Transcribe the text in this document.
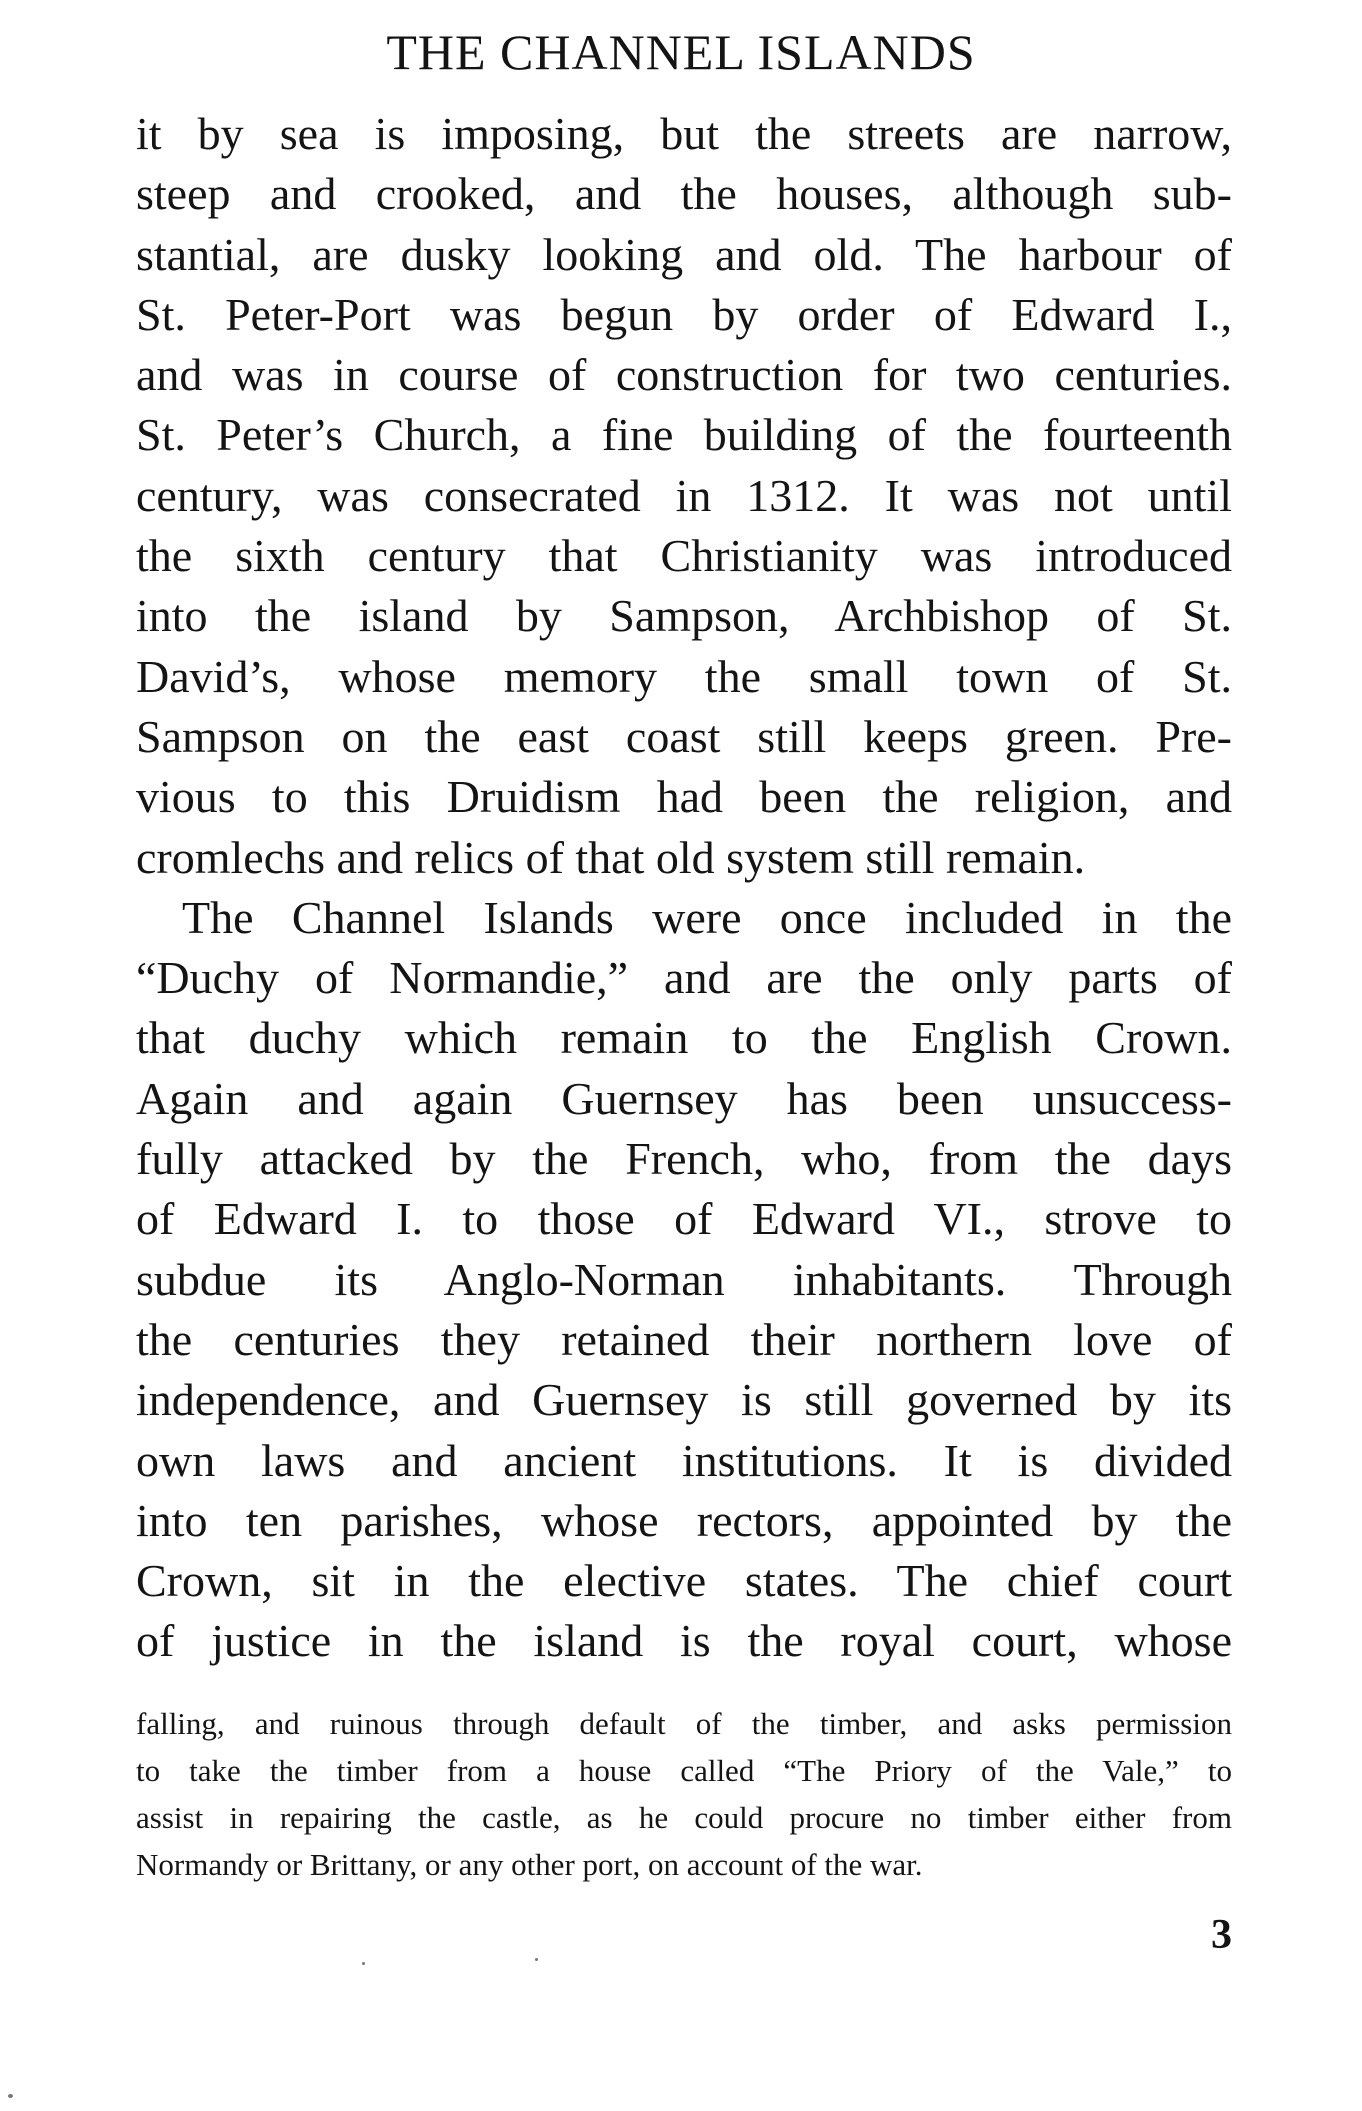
THE CHANNEL ISLANDS
it by sea is imposing, but the streets are narrow,
steep and crooked, and the houses, although sub-
stantial, are dusky looking and old. The harbour of
St. Peter-Port was begun by order of Edward I.,
and was in course of construction for two centuries.
St. Peter’s Church, a fine building of the fourteenth
century, was consecrated in 1312. It was not until
the sixth century that Christianity was introduced
into the island by Sampson, Archbishop of St.
David’s, whose memory the small town of St.
Sampson on the east coast still keeps green. Pre-
vious to this Druidism had been the religion, and
cromlechs and relics of that old system still remain.
The Channel Islands were once included in the
“Duchy of Normandie,” and are the only parts of
that duchy which remain to the English Crown.
Again and again Guernsey has been unsuccess-
fully attacked by the French, who, from the days
of Edward I. to those of Edward VI., strove to
subdue its Anglo-Norman inhabitants. Through
the centuries they retained their northern love of
independence, and Guernsey is still governed by its
own laws and ancient institutions. It is divided
into ten parishes, whose rectors, appointed by the
Crown, sit in the elective states. The chief court
of justice in the island is the royal court, whose
falling, and ruinous through default of the timber, and asks permission
to take the timber from a house called “The Priory of the Vale,” to
assist in repairing the castle, as he could procure no timber either from
Normandy or Brittany, or any other port, on account of the war.
3
